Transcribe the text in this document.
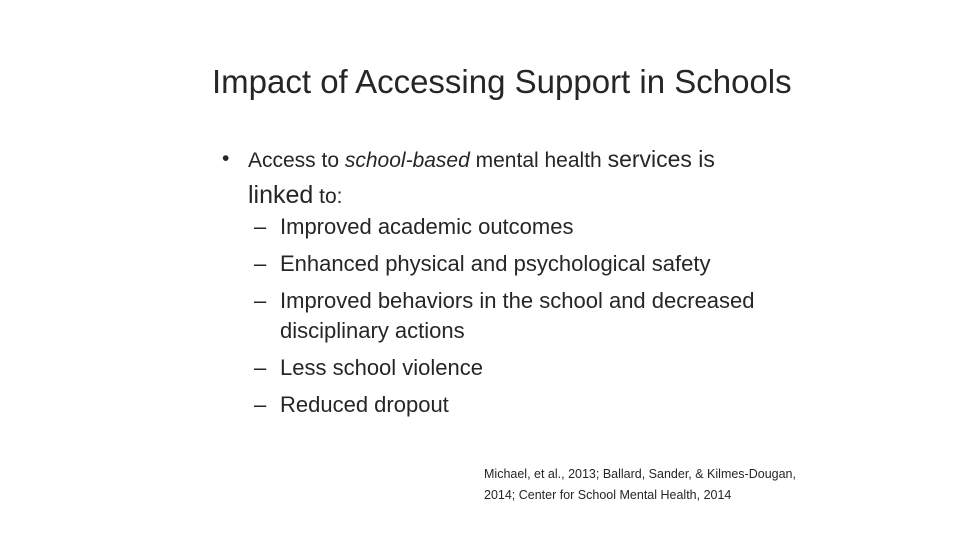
Impact of Accessing Support in Schools
• Access to school-based mental health services is
linked to:
– Improved academic outcomes
– Enhanced physical and psychological safety
– Improved behaviors in the school and decreased disciplinary actions
– Less school violence
– Reduced dropout
Michael, et al., 2013; Ballard, Sander, & Kilmes-Dougan, 2014; Center for School Mental Health, 2014
